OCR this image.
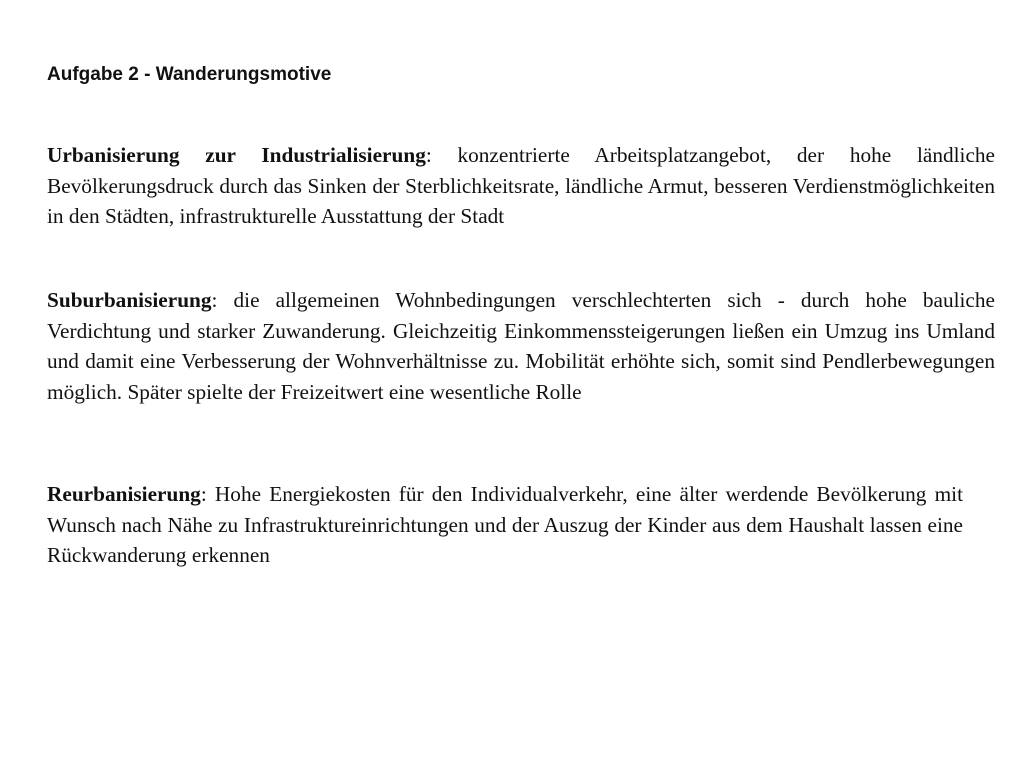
Aufgabe 2 - Wanderungsmotive

Urbanisierung zur Industrialisierung: konzentrierte Arbeitsplatzangebot, der hohe ländliche Bevölkerungsdruck durch das Sinken der Sterblichkeitsrate, ländliche Armut, besseren Verdienstmöglichkeiten in den Städten, infrastrukturelle Ausstattung der Stadt

Suburbanisierung: die allgemeinen Wohnbedingungen verschlechterten sich - durch hohe bauliche Verdichtung und starker Zuwanderung. Gleichzeitig Einkommenssteigerungen ließen ein Umzug ins Umland und damit eine Verbesserung der Wohnverhältnisse zu. Mobilität erhöhte sich, somit sind Pendlerbewegungen möglich. Später spielte der Freizeitwert eine wesentliche Rolle

Reurbanisierung: Hohe Energiekosten für den Individualverkehr, eine älter werdende Bevölkerung mit Wunsch nach Nähe zu Infrastruktureinrichtungen und der Auszug der Kinder aus dem Haushalt lassen eine Rückwanderung erkennen
